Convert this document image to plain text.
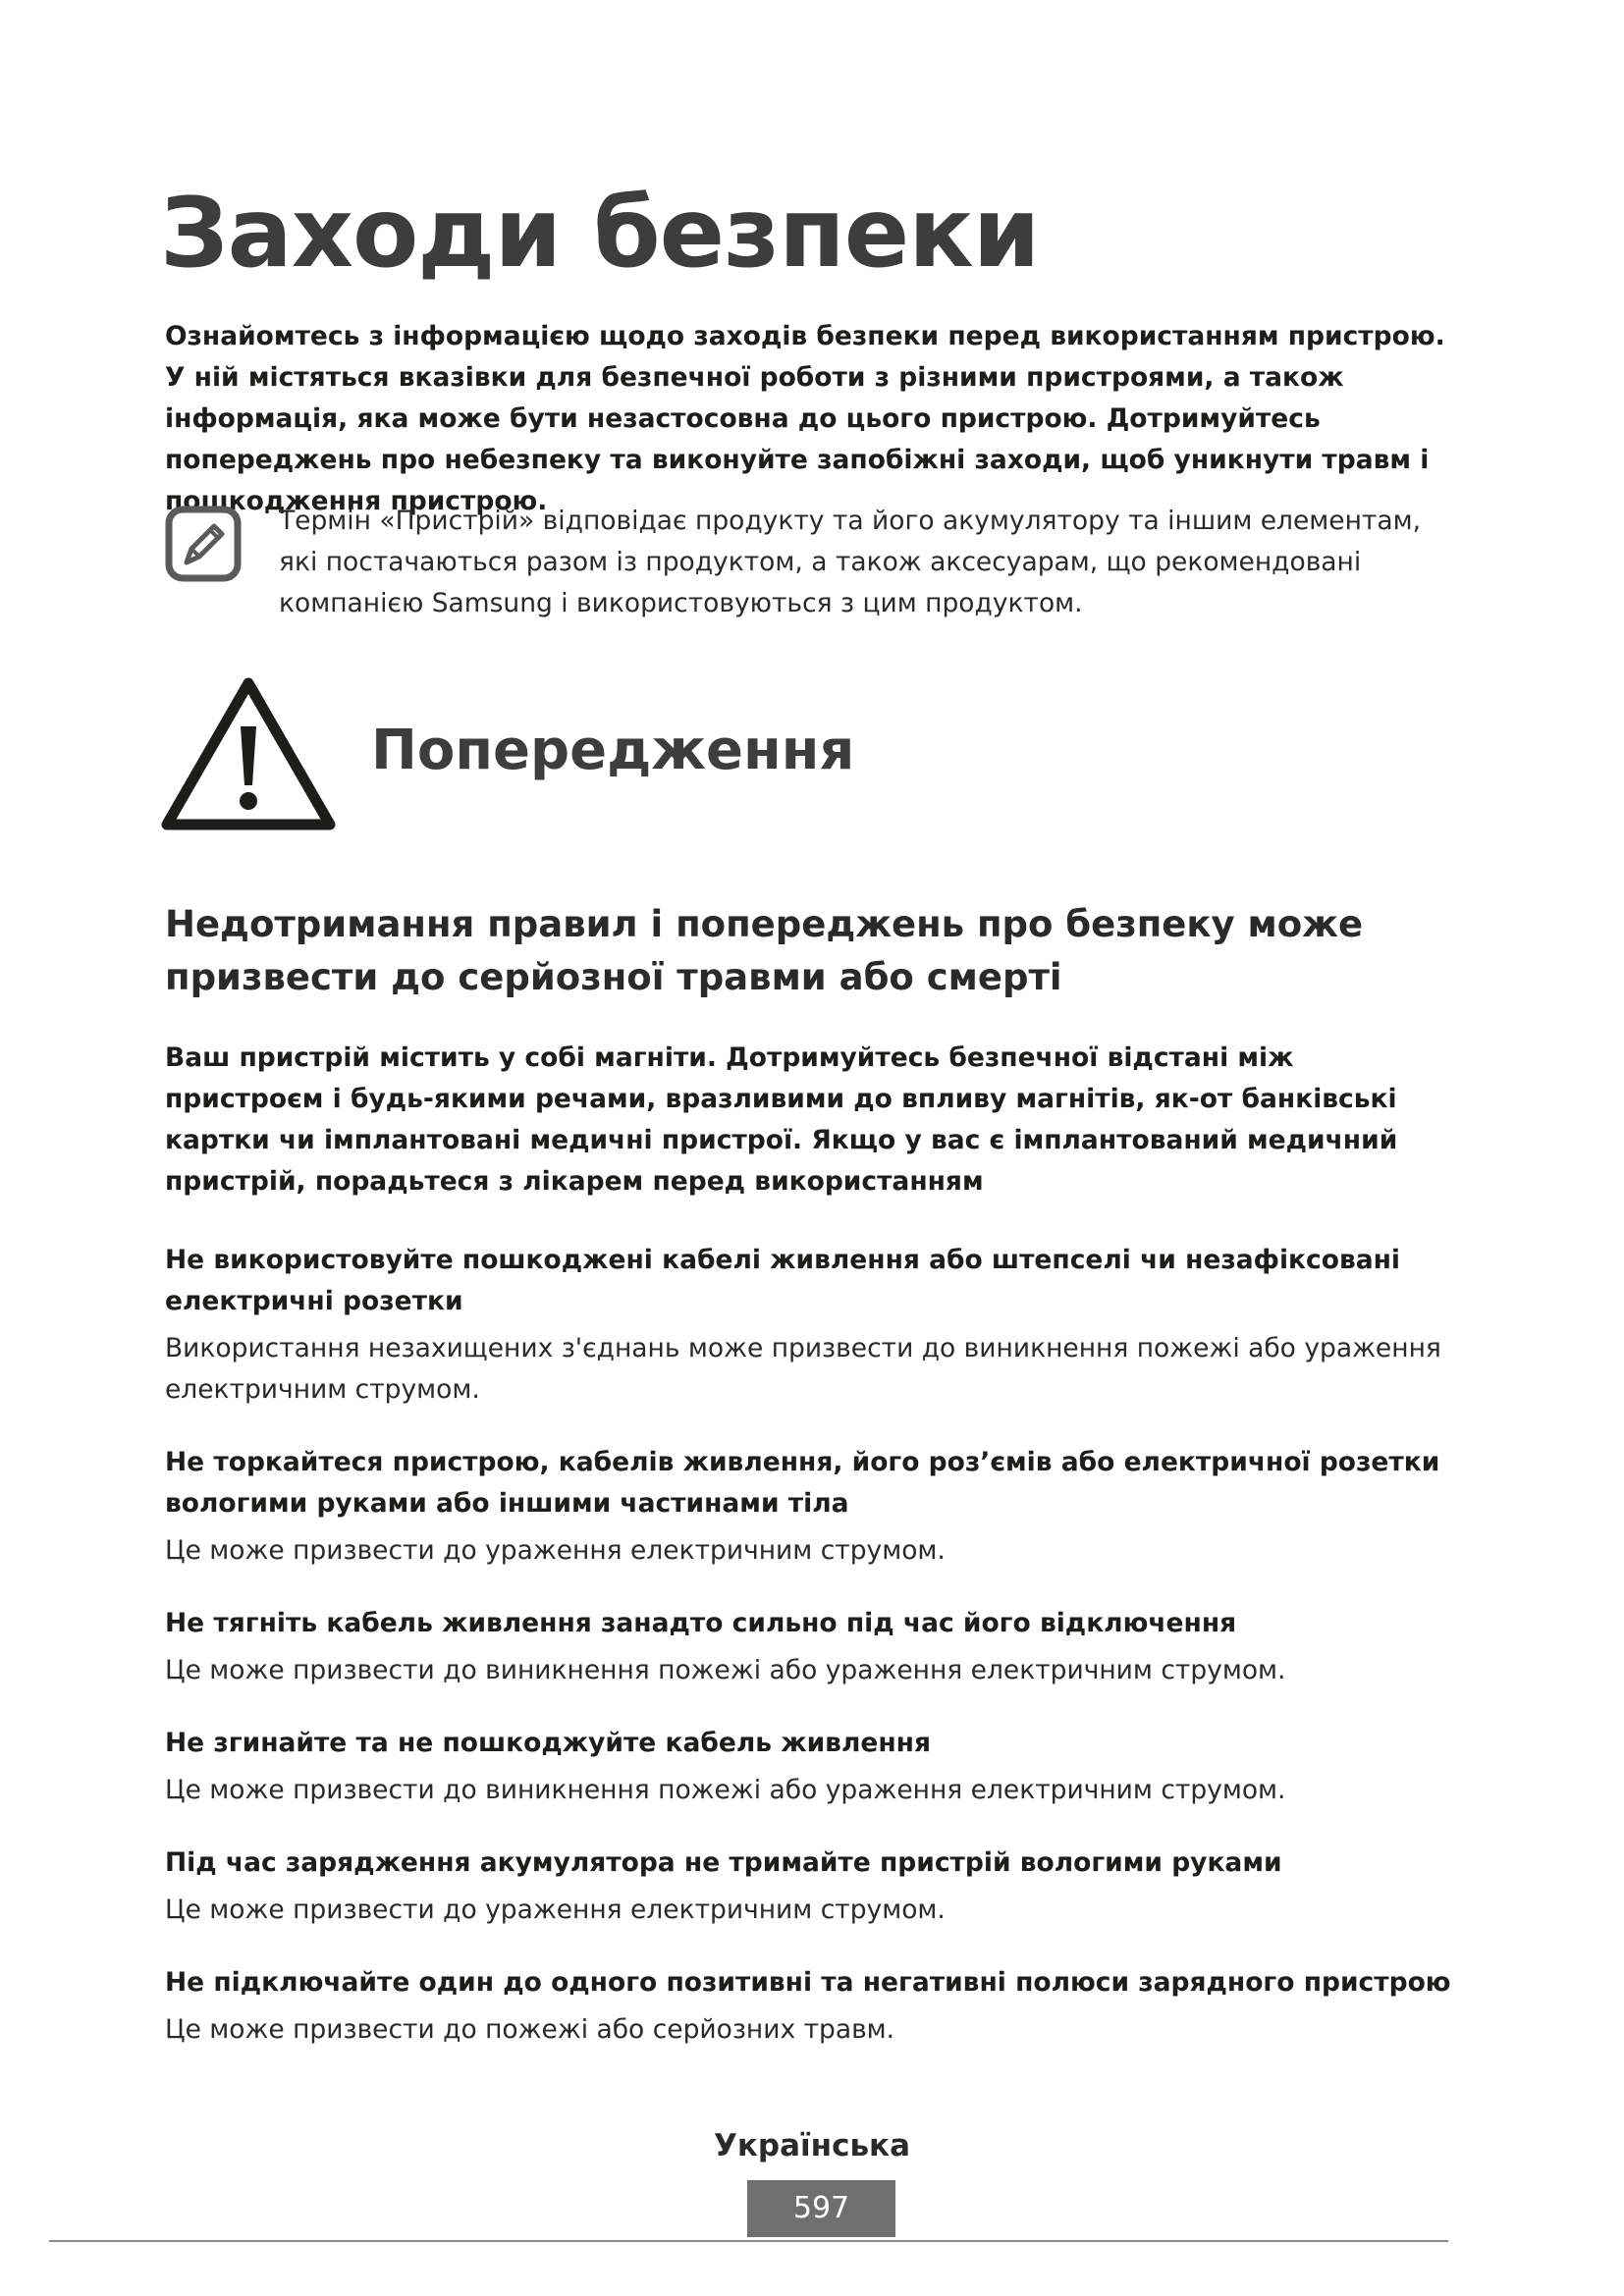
Заходи безпеки

Ознайомтесь з інформацією щодо заходів безпеки перед використанням пристрою. У ній містяться вказівки для безпечної роботи з різними пристроями, а також інформація, яка може бути незастосовна до цього пристрою. Дотримуйтесь попереджень про небезпеку та виконуйте запобіжні заходи, щоб уникнути травм і пошкодження пристрою.

Термін «Пристрій» відповідає продукту та його акумулятору та іншим елементам, які постачаються разом із продуктом, а також аксесуарам, що рекомендовані компанією Samsung і використовуються з цим продуктом.

Попередження
Недотримання правил і попереджень про безпеку може призвести до серйозної травми або смерті

Ваш пристрій містить у собі магніти. Дотримуйтесь безпечної відстані між пристроєм і будь-якими речами, вразливими до впливу магнітів, як-от банківські картки чи імплантовані медичні пристрої. Якщо у вас є імплантований медичний пристрій, порадьтеся з лікарем перед використанням

Не використовуйте пошкоджені кабелі живлення або штепселі чи незафіксовані електричні розетки

Використання незахищених з'єднань може призвести до виникнення пожежі або ураження електричним струмом.

Не торкайтеся пристрою, кабелів живлення, його роз’ємів або електричної розетки вологими руками або іншими частинами тіла

Це може призвести до ураження електричним струмом.

Не тягніть кабель живлення занадто сильно під час його відключення

Це може призвести до виникнення пожежі або ураження електричним струмом.

Не згинайте та не пошкоджуйте кабель живлення

Це може призвести до виникнення пожежі або ураження електричним струмом.

Під час зарядження акумулятора не тримайте пристрій вологими руками

Це може призвести до ураження електричним струмом.

Не підключайте один до одного позитивні та негативні полюси зарядного пристрою

Це може призвести до пожежі або серйозних травм.

Українська

597
